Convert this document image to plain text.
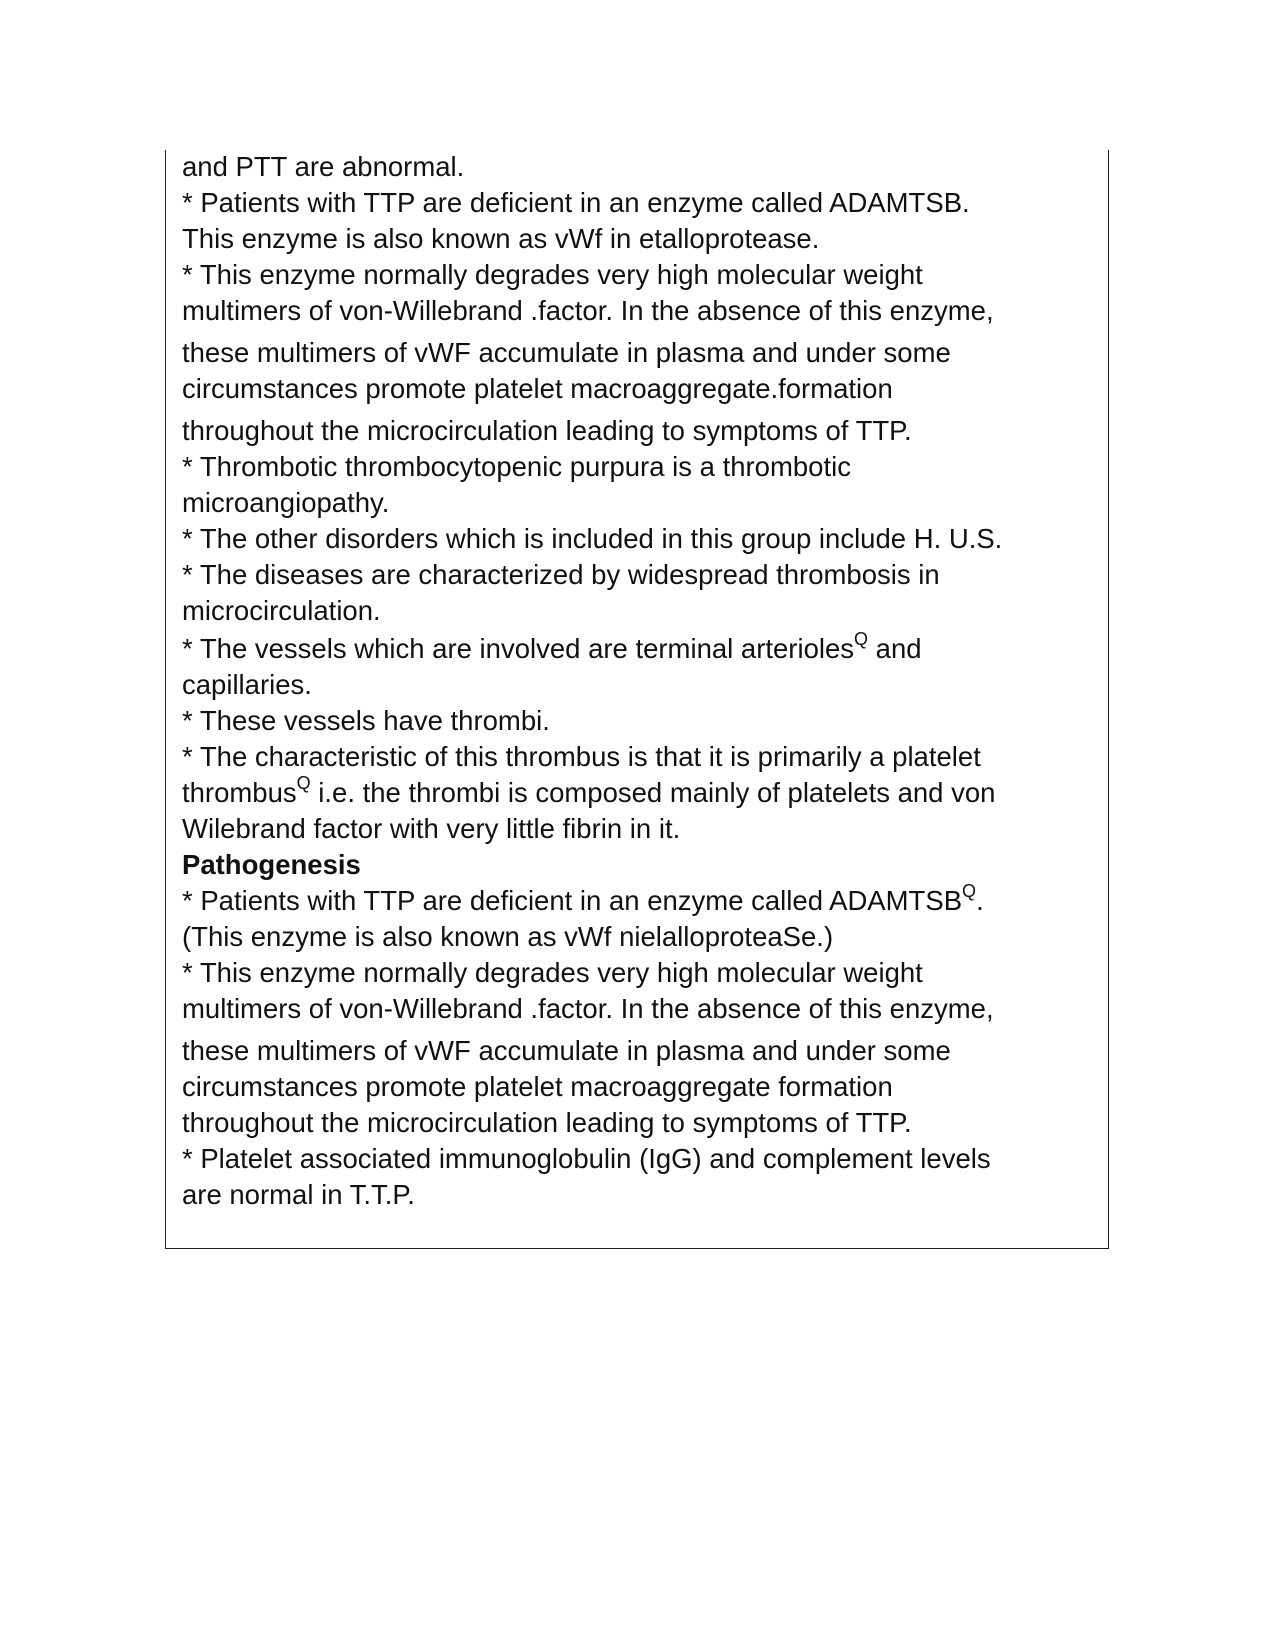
and PTT are abnormal.
* Patients with TTP are deficient in an enzyme called ADAMTSB.
This enzyme is also known as vWf in etalloprotease.
* This enzyme normally degrades very high molecular weight
multimers of von-Willebrand .factor. In the absence of this enzyme,
these multimers of vWF accumulate in plasma and under some
circumstances promote platelet macroaggregate.formation
throughout the microcirculation leading to symptoms of TTP.
* Thrombotic thrombocytopenic purpura is a thrombotic
microangiopathy.
* The other disorders which is included in this group include H. U.S.
* The diseases are characterized by widespread thrombosis in
microcirculation.
* The vessels which are involved are terminal arterioles$^Q$ and
capillaries.
* These vessels have thrombi.
* The characteristic of this thrombus is that it is primarily a platelet
thrombus$^Q$ i.e. the thrombi is composed mainly of platelets and von
Wilebrand factor with very little fibrin in it.
Pathogenesis
* Patients with TTP are deficient in an enzyme called $ADAMTSB^Q$.
(This enzyme is also known as vWf nielalloproteaSe.)
* This enzyme normally degrades very high molecular weight
multimers of von-Willebrand .factor. In the absence of this enzyme,
these multimers of vWF accumulate in plasma and under some
circumstances promote platelet macroaggregate formation
throughout the microcirculation leading to symptoms of TTP.
* Platelet associated immunoglobulin (IgG) and complement levels
are normal in T.T.P.
